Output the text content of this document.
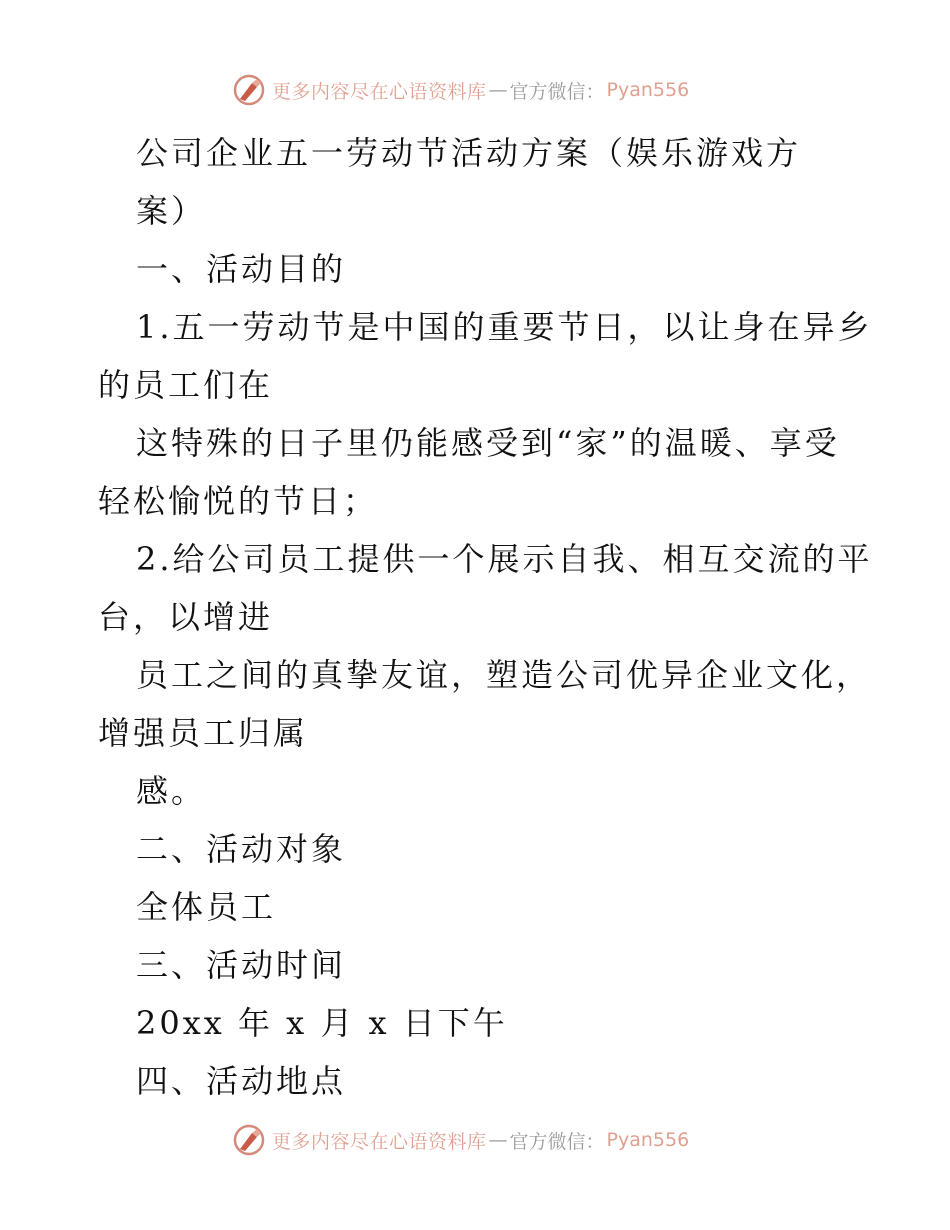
更多内容尽在心语资料库 — 官方微信： Pyan556
公司企业五一劳动节活动方案（娱乐游戏方
案）
一、活动目的
1.五一劳动节是中国的重要节日，以让身在异乡
的员工们在
这特殊的日子里仍能感受到“家”的温暖、享受
轻松愉悦的节日；
2.给公司员工提供一个展示自我、相互交流的平
台，以增进
员工之间的真挚友谊，塑造公司优异企业文化，
增强员工归属
感。
二、活动对象
全体员工
三、活动时间
20xx 年 x 月 x 日下午
四、活动地点
更多内容尽在心语资料库 — 官方微信： Pyan556
